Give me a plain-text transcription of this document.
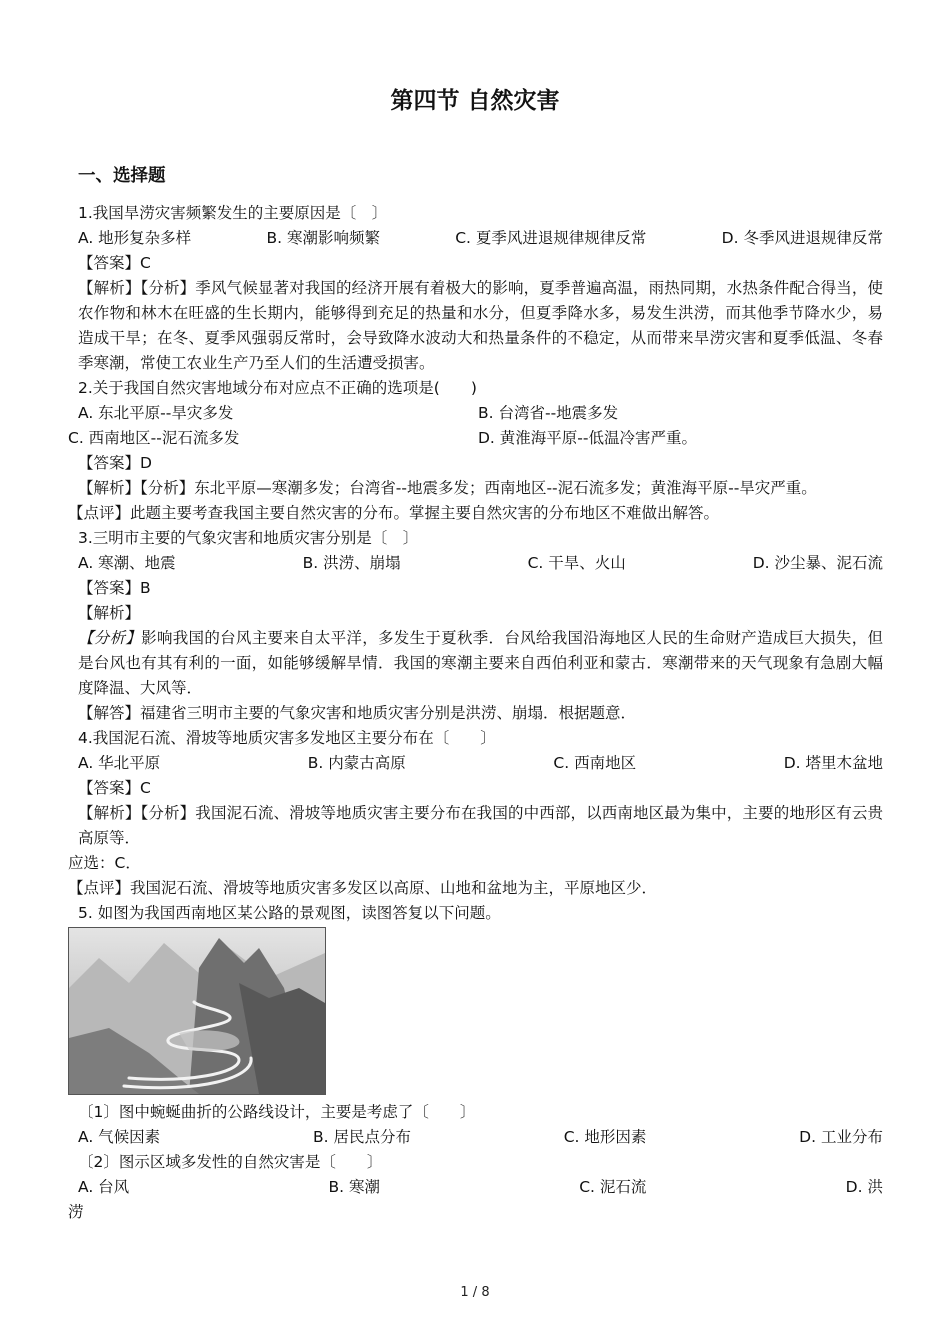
第四节 自然灾害
一、选择题
1.我国旱涝灾害频繁发生的主要原因是〔　〕
A. 地形复杂多样	B. 寒潮影响频繁	C. 夏季风进退规律规律反常	D. 冬季风进退规律反常
【答案】C
【解析】【分析】季风气候显著对我国的经济开展有着极大的影响，夏季普遍高温，雨热同期，水热条件配合得当，使农作物和林木在旺盛的生长期内，能够得到充足的热量和水分，但夏季降水多，易发生洪涝，而其他季节降水少，易造成干旱；在冬、夏季风强弱反常时，会导致降水波动大和热量条件的不稳定，从而带来旱涝灾害和夏季低温、冬春季寒潮，常使工农业生产乃至人们的生活遭受损害。
2.关于我国自然灾害地域分布对应点不正确的选项是(　　)
A. 东北平原--旱灾多发	B. 台湾省--地震多发
C. 西南地区--泥石流多发	D. 黄淮海平原--低温冷害严重。
【答案】D
【解析】【分析】东北平原—寒潮多发；台湾省--地震多发；西南地区--泥石流多发；黄淮海平原--旱灾严重。
【点评】此题主要考查我国主要自然灾害的分布。掌握主要自然灾害的分布地区不难做出解答。
3.三明市主要的气象灾害和地质灾害分别是〔　〕
A. 寒潮、地震	B. 洪涝、崩塌	C. 干旱、火山	D. 沙尘暴、泥石流
【答案】B
【解析】
【分析】影响我国的台风主要来自太平洋，多发生于夏秋季．台风给我国沿海地区人民的生命财产造成巨大损失，但是台风也有其有利的一面，如能够缓解旱情．我国的寒潮主要来自西伯利亚和蒙古．寒潮带来的天气现象有急剧大幅度降温、大风等．
【解答】福建省三明市主要的气象灾害和地质灾害分别是洪涝、崩塌．根据题意．
4.我国泥石流、滑坡等地质灾害多发地区主要分布在〔　　〕
A. 华北平原	B. 内蒙古高原	C. 西南地区	D. 塔里木盆地
【答案】C
【解析】【分析】我国泥石流、滑坡等地质灾害主要分布在我国的中西部，以西南地区最为集中，主要的地形区有云贵高原等．
应选：C．
【点评】我国泥石流、滑坡等地质灾害多发区以高原、山地和盆地为主，平原地区少．
5. 如图为我国西南地区某公路的景观图，读图答复以下问题。
〔1〕图中蜿蜒曲折的公路线设计，主要是考虑了〔　　〕
A. 气候因素	B. 居民点分布	C. 地形因素	D. 工业分布
〔2〕图示区域多发性的自然灾害是〔　　〕
A. 台风	B. 寒潮	C. 泥石流	D. 洪
涝
1 / 8
